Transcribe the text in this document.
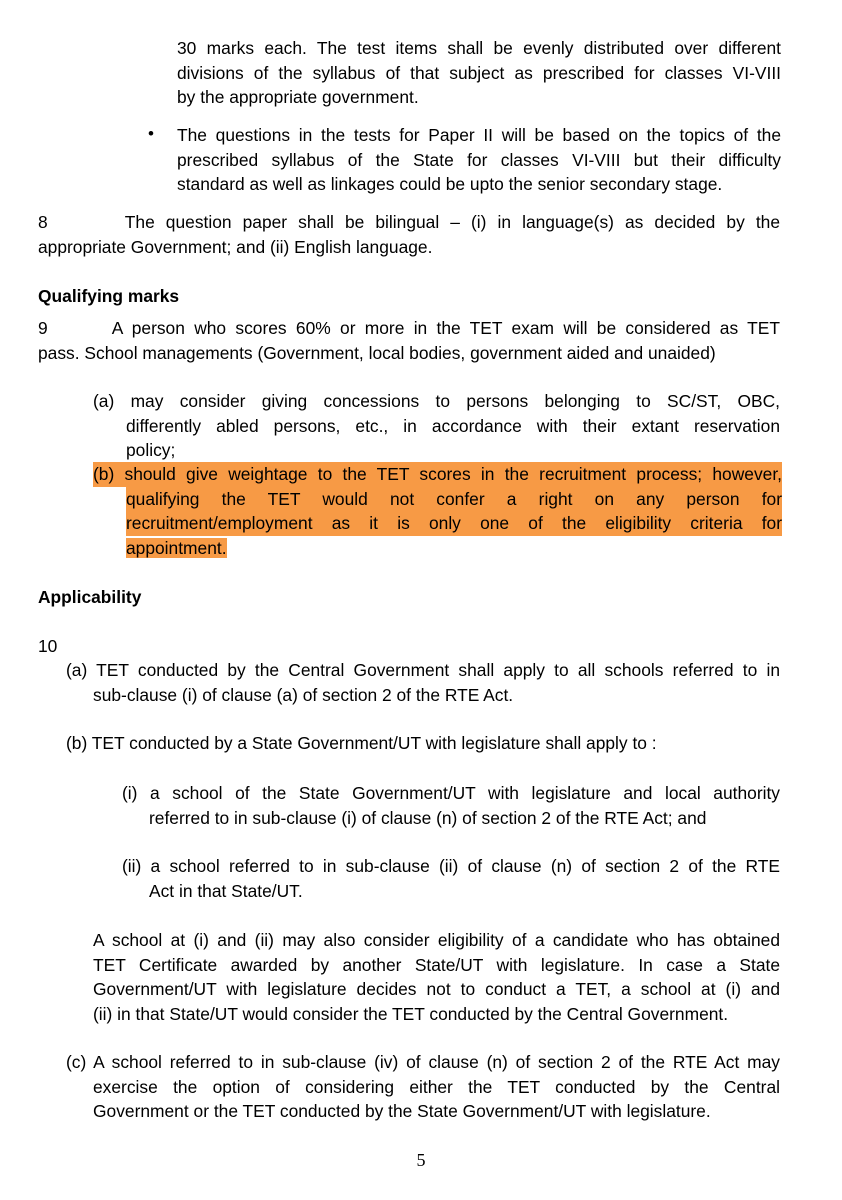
30 marks each. The test items shall be evenly distributed over different
divisions of the syllabus of that subject as prescribed for classes VI-VIII
by the appropriate government.
• The questions in the tests for Paper II will be based on the topics of the
prescribed syllabus of the State for classes VI-VIII but their difficulty
standard as well as linkages could be upto the senior secondary stage.
8       The question paper shall be bilingual – (i) in language(s) as decided by the
appropriate Government; and (ii) English language.
Qualifying marks
9       A person who scores 60% or more in the TET exam will be considered as TET
pass. School managements (Government, local bodies, government aided and unaided)
(a) may consider giving concessions to persons belonging to SC/ST, OBC,
differently abled persons, etc., in accordance with their extant reservation
policy;
(b) should give weightage to the TET scores in the recruitment process; however,
qualifying the TET would not confer a right on any person for
recruitment/employment as it is only one of the eligibility criteria for
appointment.
Applicability
10
(a) TET conducted by the Central Government shall apply to all schools referred to in
sub-clause (i) of clause (a) of section 2 of the RTE Act.
(b) TET conducted by a State Government/UT with legislature shall apply to :
(i) a school of the State Government/UT with legislature and local authority
referred to in sub-clause (i) of clause (n) of section 2 of the RTE Act; and
(ii) a school referred to in sub-clause (ii) of clause (n) of section 2 of the RTE
Act in that State/UT.
A school at (i) and (ii) may also consider eligibility of a candidate who has obtained
TET Certificate awarded by another State/UT with legislature. In case a State
Government/UT with legislature decides not to conduct a TET, a school at (i) and
(ii) in that State/UT would consider the TET conducted by the Central Government.
(c) A school referred to in sub-clause (iv) of clause (n) of section 2 of the RTE Act may
exercise the option of considering either the TET conducted by the Central
Government or the TET conducted by the State Government/UT with legislature.
5
